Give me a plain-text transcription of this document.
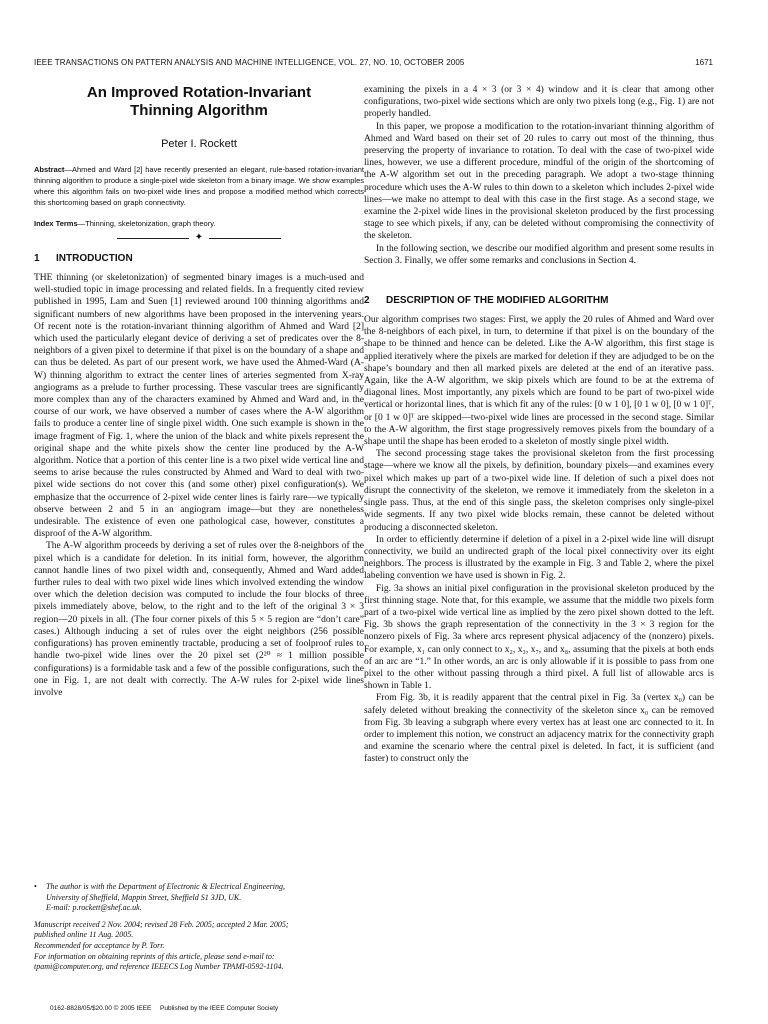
IEEE TRANSACTIONS ON PATTERN ANALYSIS AND MACHINE INTELLIGENCE, VOL. 27, NO. 10, OCTOBER 2005	1671

An Improved Rotation-Invariant
Thinning Algorithm

Peter I. Rockett

Abstract—Ahmed and Ward [2] have recently presented an elegant, rule-based rotation-invariant thinning algorithm to produce a single-pixel wide skeleton from a binary image. We show examples where this algorithm fails on two-pixel wide lines and propose a modified method which corrects this shortcoming based on graph connectivity.

Index Terms—Thinning, skeletonization, graph theory.

✦
1 INTRODUCTION

THE thinning (or skeletonization) of segmented binary images is a much-used and well-studied topic in image processing and related fields. In a frequently cited review published in 1995, Lam and Suen [1] reviewed around 100 thinning algorithms and significant numbers of new algorithms have been proposed in the intervening years. Of recent note is the rotation-invariant thinning algorithm of Ahmed and Ward [2] which used the particularly elegant device of deriving a set of predicates over the 8-neighbors of a given pixel to determine if that pixel is on the boundary of a shape and can thus be deleted. As part of our present work, we have used the Ahmed-Ward (A-W) thinning algorithm to extract the center lines of arteries segmented from X-ray angiograms as a prelude to further processing. These vascular trees are significantly more complex than any of the characters examined by Ahmed and Ward and, in the course of our work, we have observed a number of cases where the A-W algorithm fails to produce a center line of single pixel width. One such example is shown in the image fragment of Fig. 1, where the union of the black and white pixels represent the original shape and the white pixels show the center line produced by the A-W algorithm. Notice that a portion of this center line is a two pixel wide vertical line and seems to arise because the rules constructed by Ahmed and Ward to deal with two-pixel wide sections do not cover this (and some other) pixel configuration(s). We emphasize that the occurrence of 2-pixel wide center lines is fairly rare—we typically observe between 2 and 5 in an angiogram image—but they are nonetheless undesirable. The existence of even one pathological case, however, constitutes a disproof of the A-W algorithm.

The A-W algorithm proceeds by deriving a set of rules over the 8-neighbors of the pixel which is a candidate for deletion. In its initial form, however, the algorithm cannot handle lines of two pixel width and, consequently, Ahmed and Ward added further rules to deal with two pixel wide lines which involved extending the window over which the deletion decision was computed to include the four blocks of three pixels immediately above, below, to the right and to the left of the original 3 × 3 region—20 pixels in all. (The four corner pixels of this 5 × 5 region are “don’t care” cases.) Although inducing a set of rules over the eight neighbors (256 possible configurations) has proven eminently tractable, producing a set of foolproof rules to handle two-pixel wide lines over the 20 pixel set (2²⁰ ≈ 1 million possible configurations) is a formidable task and a few of the possible configurations, such the one in Fig. 1, are not dealt with correctly. The A-W rules for 2-pixel wide lines involve

examining the pixels in a 4 × 3 (or 3 × 4) window and it is clear that among other configurations, two-pixel wide sections which are only two pixels long (e.g., Fig. 1) are not properly handled.

In this paper, we propose a modification to the rotation-invariant thinning algorithm of Ahmed and Ward based on their set of 20 rules to carry out most of the thinning, thus preserving the property of invariance to rotation. To deal with the case of two-pixel wide lines, however, we use a different procedure, mindful of the origin of the shortcoming of the A-W algorithm set out in the preceding paragraph. We adopt a two-stage thinning procedure which uses the A-W rules to thin down to a skeleton which includes 2-pixel wide lines—we make no attempt to deal with this case in the first stage. As a second stage, we examine the 2-pixel wide lines in the provisional skeleton produced by the first processing stage to see which pixels, if any, can be deleted without compromising the connectivity of the skeleton.

In the following section, we describe our modified algorithm and present some results in Section 3. Finally, we offer some remarks and conclusions in Section 4.

2 DESCRIPTION OF THE MODIFIED ALGORITHM

Our algorithm comprises two stages: First, we apply the 20 rules of Ahmed and Ward over the 8-neighbors of each pixel, in turn, to determine if that pixel is on the boundary of the shape to be thinned and hence can be deleted. Like the A-W algorithm, this first stage is applied iteratively where the pixels are marked for deletion if they are adjudged to be on the shape’s boundary and then all marked pixels are deleted at the end of an iterative pass. Again, like the A-W algorithm, we skip pixels which are found to be at the extrema of diagonal lines. Most importantly, any pixels which are found to be part of two-pixel wide vertical or horizontal lines, that is which fit any of the rules: [0 w 1 0], [0 1 w 0], [0 w 1 0]ᵀ, or [0 1 w 0]ᵀ are skipped—two-pixel wide lines are processed in the second stage. Similar to the A-W algorithm, the first stage progressively removes pixels from the boundary of a shape until the shape has been eroded to a skeleton of mostly single pixel width.

The second processing stage takes the provisional skeleton from the first processing stage—where we know all the pixels, by definition, boundary pixels—and examines every pixel which makes up part of a two-pixel wide line. If deletion of such a pixel does not disrupt the connectivity of the skeleton, we remove it immediately from the skeleton in a single pass. Thus, at the end of this single pass, the skeleton comprises only single-pixel wide segments. If any two pixel wide blocks remain, these cannot be deleted without producing a disconnected skeleton.

In order to efficiently determine if deletion of a pixel in a 2-pixel wide line will disrupt connectivity, we build an undirected graph of the local pixel connectivity over its eight neighbors. The process is illustrated by the example in Fig. 3 and Table 2, where the pixel labeling convention we have used is shown in Fig. 2.

Fig. 3a shows an initial pixel configuration in the provisional skeleton produced by the first thinning stage. Note that, for this example, we assume that the middle two pixels form part of a two-pixel wide vertical line as implied by the zero pixel shown dotted to the left. Fig. 3b shows the graph representation of the connectivity in the 3 × 3 region for the nonzero pixels of Fig. 3a where arcs represent physical adjacency of the (nonzero) pixels. For example, x₁ can only connect to x₂, x₃, x₇, and x₈, assuming that the pixels at both ends of an arc are “1.” In other words, an arc is only allowable if it is possible to pass from one pixel to the other without passing through a third pixel. A full list of allowable arcs is shown in Table 1.

From Fig. 3b, it is readily apparent that the central pixel in Fig. 3a (vertex x₀) can be safely deleted without breaking the connectivity of the skeleton since x₀ can be removed from Fig. 3b leaving a subgraph where every vertex has at least one arc connected to it. In order to implement this notion, we construct an adjacency matrix for the connectivity graph and examine the scenario where the central pixel is deleted. In fact, it is sufficient (and faster) to construct only the

• The author is with the Department of Electronic & Electrical Engineering,

University of Sheffield, Mappin Street, Sheffield S1 3JD, UK.

E-mail: p.rockett@shef.ac.uk.

Manuscript received 2 Nov. 2004; revised 28 Feb. 2005; accepted 2 Mar. 2005;

published online 11 Aug. 2005.

Recommended for acceptance by P. Torr.

For information on obtaining reprints of this article, please send e-mail to:

tpami@computer.org, and reference IEEECS Log Number TPAMI-0592-1104.

0162-8828/05/$20.00 © 2005 IEEE Published by the IEEE Computer Society
